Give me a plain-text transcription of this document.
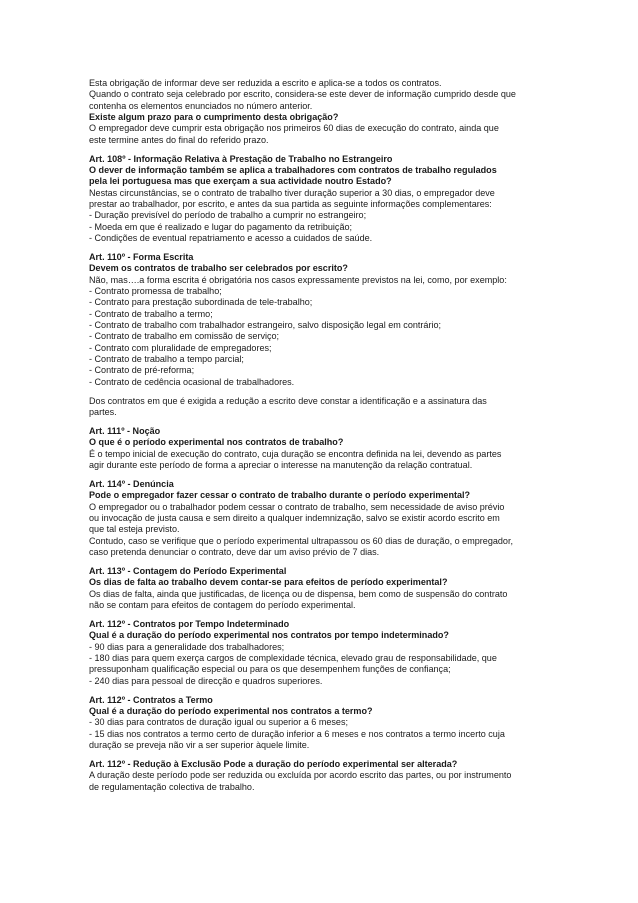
Esta obrigação de informar deve ser reduzida a escrito e aplica-se a todos os contratos.
Quando o contrato seja celebrado por escrito, considera-se este dever de informação cumprido desde que
contenha os elementos enunciados no número anterior.
Existe algum prazo para o cumprimento desta obrigação?
O empregador deve cumprir esta obrigação nos primeiros 60 dias de execução do contrato, ainda que
este termine antes do final do referido prazo.
Art. 108º - Informação Relativa à Prestação de Trabalho no Estrangeiro
O dever de informação também se aplica a trabalhadores com contratos de trabalho regulados
pela lei portuguesa mas que exerçam a sua actividade noutro Estado?
Nestas circunstâncias, se o contrato de trabalho tiver duração superior a 30 dias, o empregador deve
prestar ao trabalhador, por escrito, e antes da sua partida as seguinte informações complementares:
- Duração previsível do período de trabalho a cumprir no estrangeiro;
- Moeda em que é realizado e lugar do pagamento da retribuição;
- Condições de eventual repatriamento e acesso a cuidados de saúde.
Art. 110º - Forma Escrita
Devem os contratos de trabalho ser celebrados por escrito?
Não, mas….a forma escrita é obrigatória nos casos expressamente previstos na lei, como, por exemplo:
- Contrato promessa de trabalho;
- Contrato para prestação subordinada de tele-trabalho;
- Contrato de trabalho a termo;
- Contrato de trabalho com trabalhador estrangeiro, salvo disposição legal em contrário;
- Contrato de trabalho em comissão de serviço;
- Contrato com pluralidade de empregadores;
- Contrato de trabalho a tempo parcial;
- Contrato de pré-reforma;
- Contrato de cedência ocasional de trabalhadores.
Dos contratos em que é exigida a redução a escrito deve constar a identificação e a assinatura das
partes.
Art. 111º - Noção
O que é o período experimental nos contratos de trabalho?
É o tempo inicial de execução do contrato, cuja duração se encontra definida na lei, devendo as partes
agir durante este período de forma a apreciar o interesse na manutenção da relação contratual.
Art. 114º - Denúncia
Pode o empregador fazer cessar o contrato de trabalho durante o período experimental?
O empregador ou o trabalhador podem cessar o contrato de trabalho, sem necessidade de aviso prévio
ou invocação de justa causa e sem direito a qualquer indemnização, salvo se existir acordo escrito em
que tal esteja previsto.
Contudo, caso se verifique que o período experimental ultrapassou os 60 dias de duração, o empregador,
caso pretenda denunciar o contrato, deve dar um aviso prévio de 7 dias.
Art. 113º - Contagem do Período Experimental
Os dias de falta ao trabalho devem contar-se para efeitos de período experimental?
Os dias de falta, ainda que justificadas, de licença ou de dispensa, bem como de suspensão do contrato
não se contam para efeitos de contagem do período experimental.
Art. 112º - Contratos por Tempo Indeterminado
Qual é a duração do período experimental nos contratos por tempo indeterminado?
- 90 dias para a generalidade dos trabalhadores;
- 180 dias para quem exerça cargos de complexidade técnica, elevado grau de responsabilidade, que
pressuponham qualificação especial ou para os que desempenhem funções de confiança;
- 240 dias para pessoal de direcção e quadros superiores.
Art. 112º - Contratos a Termo
Qual é a duração do período experimental nos contratos a termo?
- 30 dias para contratos de duração igual ou superior a 6 meses;
- 15 dias nos contratos a termo certo de duração inferior a 6 meses e nos contratos a termo incerto cuja
duração se preveja não vir a ser superior àquele limite.
Art. 112º - Redução à Exclusão Pode a duração do período experimental ser alterada?
A duração deste período pode ser reduzida ou excluída por acordo escrito das partes, ou por instrumento
de regulamentação colectiva de trabalho.
